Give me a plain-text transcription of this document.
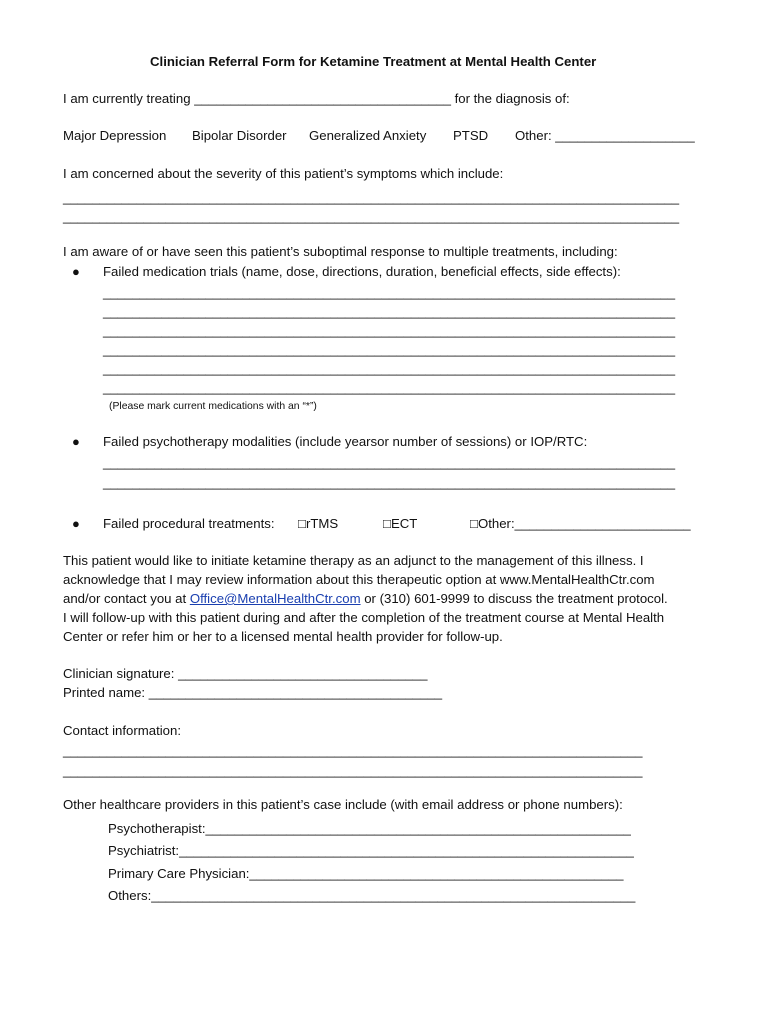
Clinician Referral Form for Ketamine Treatment at Mental Health Center
I am currently treating ___________________________________ for the diagnosis of:
Major Depression Bipolar Disorder Generalized Anxiety PTSD Other: ___________________
I am concerned about the severity of this patient’s symptoms which include:
____________________________________________________________________________________
____________________________________________________________________________________
I am aware of or have seen this patient’s suboptimal response to multiple treatments, including:
● Failed medication trials (name, dose, directions, duration, beneficial effects, side effects):
______________________________________________________________________________
______________________________________________________________________________
______________________________________________________________________________
______________________________________________________________________________
______________________________________________________________________________
______________________________________________________________________________
(Please mark current medications with an “*”)
● Failed psychotherapy modalities (include yearsor number of sessions) or IOP/RTC:
______________________________________________________________________________
______________________________________________________________________________
● Failed procedural treatments: □rTMS	□ECT	□Other:________________________
This patient would like to initiate ketamine therapy as an adjunct to the management of this illness. I
acknowledge that I may review information about this therapeutic option at www.MentalHealthCtr.com
and/or contact you at Office@MentalHealthCtr.com or (310) 601-9999 to discuss the treatment protocol.
I will follow-up with this patient during and after the completion of the treatment course at Mental Health
Center or refer him or her to a licensed mental health provider for follow-up.
Clinician signature: __________________________________
Printed name: ________________________________________
Contact information:
_______________________________________________________________________________
_______________________________________________________________________________
Other healthcare providers in this patient’s case include (with email address or phone numbers):
Psychotherapist:__________________________________________________________
Psychiatrist:______________________________________________________________
Primary Care Physician:___________________________________________________
Others:__________________________________________________________________
